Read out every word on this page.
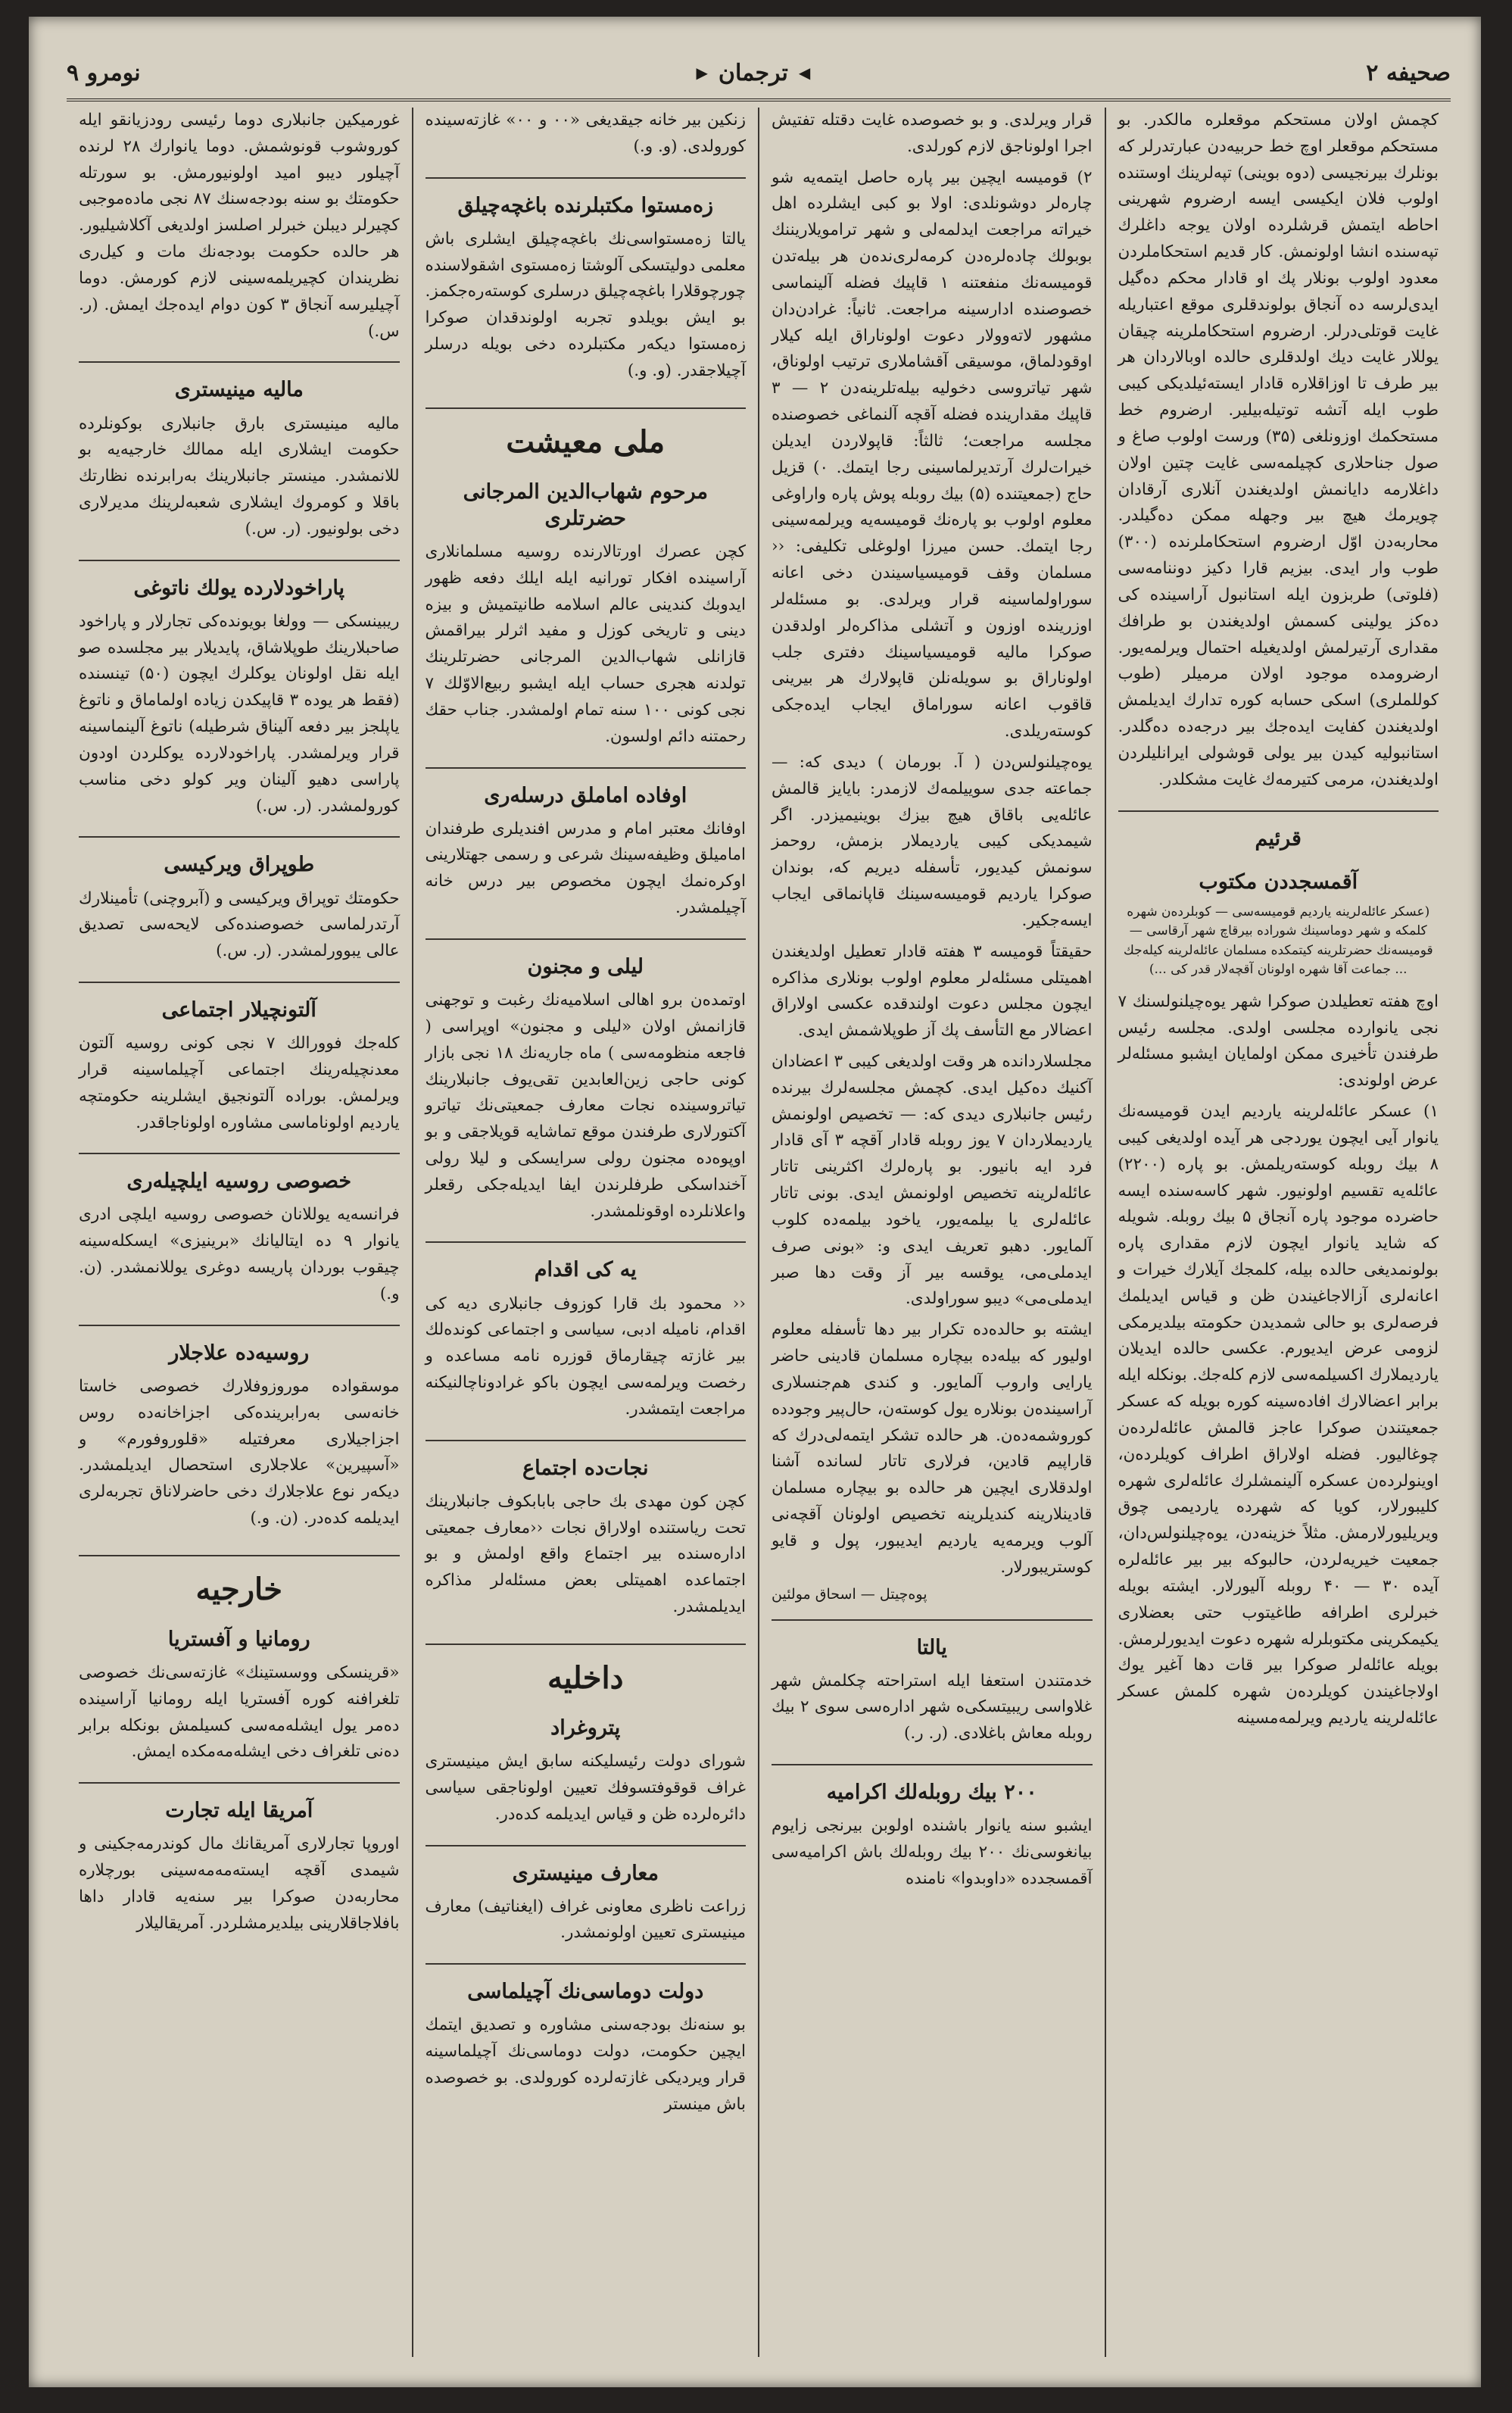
صحیفه ۲
◀
ترجمان
▶
نومرو ۹
كچمش اولان مستحكم موقعلره مالكدر. بو مستحكم موقعلر اوچ خط حربیه‌دن عبارتدرلر كه بونلرك بیرنجیسی (دوه بوینی) تپه‌لرینك اوستنده اولوب فلان ایكیسی ایسه ارضروم شهرینی احاطه ایتمش قرشلرده اولان یوجه داغلرك تپه‌سنده انشا اولونمش. كار قدیم استحكاملردن معدود اولوب بونلار پك او قادار محكم ده‌گیل ایدی‌لرسه ده آنجاق بولوندقلری موقع اعتباریله غایت قوتلی‌درلر. ارضروم استحكاملرینه چیقان یوللار غایت دیك اولدقلری حالده اوبالاردان هر بیر طرف تا اوزاقلاره قادار ایسته‌ئیلدیكی كیبی طوب ایله آتشه توتیله‌بیلیر. ارضروم خط مستحكمك اوزونلغی (۳۵) ورست اولوب صاغ و صول جناحلاری كچیلمه‌سی غایت چتین اولان داغلارمه دایانمش اولدیغندن آنلاری آرقادان چویرمك هیچ بیر وجهله ممكن ده‌گیلدر. محاربه‌دن اوّل ارضروم استحكاملرنده (۳۰۰) طوب وار ایدی. بیزیم قارا دكیز دوننامه‌سی (فلوتی) طربزون ایله استانبول آراسینده كی ده‌كز یولینی كسمش اولدیغندن بو طرافك مقداری آرتیرلمش اولدیغیله احتمال ویرلمه‌یور. ارضرومده موجود اولان مرمیلر (طوب كوللملری) اسكی حسابه كوره تدارك ایدیلمش اولدیغندن كفایت ایده‌جك بیر درجه‌ده ده‌گلدر. استانبولیه كیدن بیر یولی قوشولی ایرانلیلردن اولدیغندن، مرمی كتیرمه‌ك غایت مشكلدر.
قرئیم
آقمسجددن مكتوب
(عسكر عائله‌لرینه یاردیم قومیسه‌سی — كوبلرده‌ن شهره كلمكه و شهر دوماسینك شوراده بیرقاچ شهر آرقاسی — قومیسه‌نك حضرتلرینه كیتمكده مسلمان عائله‌لرینه كیله‌جك ... جماعت آقا شهره اولونان آقچه‌لار قدر كی ...)
اوچ هفته تعطیلدن صوكرا شهر یوه‌چیلنولسنك ۷ نجی یانوارده مجلسی اولدی. مجلسه رئیس طرفندن تأخیری ممكن اولمایان ایشبو مسئله‌لر عرض اولوندی:
۱) عسكر عائله‌لرینه یاردیم ایدن قومیسه‌نك یانوار آیی ایچون یوردجی هر آیده اولدیغی كیبی ۸ بیك روبله كوسته‌ریلمش. بو پاره (۲۲۰۰) عائله‌یه تقسیم اولونیور. شهر كاسه‌سنده ایسه حاضرده موجود پاره آنجاق ۵ بیك روبله. شویله كه شاید یانوار ایچون لازم مقداری پاره بولونمدیغی حالده بیله، كلمجك آیلارك خیرات و اعانه‌لری آزالاجاغیندن ظن و قیاس ایدیلمك فرصه‌لری بو حالی شمدیدن حكومته بیلدیرمكی لزومی عرض ایدیورم. عكسی حالده ایدیلان یاردیملارك اكسیلمه‌سی لازم كله‌جك. بونكله ایله برابر اعضالارك افاده‌سینه كوره بویله كه عسكر جمعیتندن صوكرا عاجز قالمش عائله‌لرده‌ن چوغالیور. فضله اولاراق اطراف كویلرده‌ن، اوینولرده‌ن عسكره آلینمشلرك عائله‌لری شهره كلیبورلار، كویا كه شهرده یاردیمی چوق ویریلیورلارمش. مثلاً خزینه‌دن، یوه‌چیلنولس‌دان، جمعیت خیریه‌لردن، حالبوكه بیر بیر عائله‌لره آیده ۳۰ — ۴۰ روبله آلیورلار. ایشته بویله خبرلری اطرافه طاغیتوب حتی بعضلاری یكیمكرینی مكتوبلرله شهره دعوت ایدیورلرمش. بویله عائله‌لر صوكرا بیر قات دها آغیر یوك اولاجاغیندن كویلرده‌ن شهره كلمش عسكر عائله‌لرینه یاردیم ویرلمه‌مسینه
قرار ویرلدی. و بو خصوصده غایت دقتله تفتیش اجرا اولوناجق لازم كورلدی.
۲) قومیسه ایچین بیر پاره حاصل ایتمه‌یه شو چاره‌لر دوشونلدی: اولا بو كبی ایشلرده اهل خیراته مراجعت ایدلمه‌لی و شهر ترامویلاریننك بوبولك چاده‌لره‌دن كرمه‌لری‌نده‌ن هر بیله‌تدن قومیسه‌نك منفعتنه ۱ قاپیك فضله آلینماسی خصوصنده ادارسینه مراجعت. ثانیاً: غرادن‌دان مشهور لاته‌وولار دعوت اولوناراق ایله كیلار اوقودلماق، موسیقی آقشاملاری ترتیب اولوناق، شهر تیاتروسی دخولیه بیله‌تلرینه‌دن ۲ — ۳ قاپیك مقدارینده فضله آقچه آلنماغی خصوصنده مجلسه مراجعت؛ ثالثاً: قاپولاردن ایدیلن خیرات‌لرك آرتدیرلماسینی رجا ایتمك. ۰) قزیل حاج (جمعیتنده (۵) بیك روبله پوش پاره واراوغی معلوم اولوب بو پاره‌نك قومیسه‌یه ویرلمه‌سینی رجا ایتمك. حسن میرزا اولوغلی تكلیفی: ‹‹ مسلمان وقف قومیسیاسیندن دخی اعانه سوراولماسینه قرار ویرلدی. بو مسئله‌لر اوزرینده اوزون و آتشلی مذاكره‌لر اولدقدن صوكرا ماليه قومیسیاسینك دفتری جلب اولوناراق بو سویله‌نلن قاپولارك هر بیرینی قاقوب اعانه سوراماق ایجاب ایده‌جكی كوسته‌ریلدی.
یوه‌چیلنولس‌دن ( آ. بو‌رمان ) دیدی كه: — جماعته جدی سوییلمه‌ك لازمدر: بایایز قالمش عائله‌یی باقاق هیچ بیزك بوینیمیزدر. اگر شیمدیكی كیبی یاردیملار بزمش، روحمز سونمش كیدیور، تأسفله دیریم كه، بوندان صوكرا یاردیم قومیسه‌سینك قاپانماقی ایجاب ایسه‌جكیر.
حقیقتاً قومیسه ۳ هفته قادار تعطیل اولدیغندن اهمیتلی مسئله‌لر معلوم اولوب بونلاری مذاكره ایچون مجلس دعوت اولندقده عكسی اولاراق اعضالار مع التأسف پك آز طوپلاشمش ایدی.
مجلسلاردانده هر وقت اولدیغی كیبی ۳ اعضادان آكنیك ده‌كیل ایدی. كچمش مجلسه‌لرك بیرنده رئیس جانبلاری دیدی كه: — تخصیص اولونمش یاردیملاردان ۷ یوز روبله قادار آقچه ۳ آی قادار فرد ایه بانیور. بو پاره‌لرك اكثرینی تاتار عائله‌لرینه تخصیص اولونمش ایدی. بونی تاتار عائله‌لری یا بیلمه‌یور، یاخود بیلمه‌ده كلوب آلمایور. دهبو تعریف ایدی و: «بونی صرف ایدملی‌می، یوقسه بیر آز وقت دها صبر ایدملی‌می» دیبو سوراولدی.
ایشته بو حالده‌ده تكرار بیر دها تأسفله معلوم اولیور كه بیله‌ده بیچاره مسلمان قادینی حاضر یارایی واروب آلمایور. و كندی هم‌جنسلاری آراسینده‌ن بونلاره یول كوسته‌ن، حال‌پیر وجودده كوروشمه‌ده‌ن. هر حالده تشكر ایتمه‌لی‌درك كه قاراپیم قادین، فرلاری تاتار لسانده آشنا اولدقلاری ایچین هر حالده بو بیچاره مسلمان قادینلارینه كندیلرینه تخصیص اولونان آقچه‌نی آلوب ویرمه‌یه یاردیم ایدیبور، پول و قایو كوستریبورلار.
پوه‌چیتل — اسحاق مولئین
یالتا
خدمتندن استعفا ایله استراحته چكلمش شهر غلاواسی ریبیتسكی‌ه شهر اداره‌سی سوی ۲ بیك روبله معاش باغلادی. (ر. ر.)
۲۰۰ بیك روبله‌لك اكرامیه
ایشبو سنه یانوار باشنده اولوبن بیرنجی زایوم بیانغوسی‌نك ۲۰۰ بیك روبله‌لك باش اكرامیه‌سی آقمسجدده «داوبدوا» نامنده
زنكین بیر خانه‌ جیقدیغی «۰۰ و ۰۰» غازته‌سینده كورولدی. (و. و.)
زه‌مستوا مكتبلرنده باغچه‌چیلق
یالتا زه‌مستواسی‌نك باغچه‌چیلق ایشلری باش معلمی دولیتسكی آلوشتا زه‌مستوی اشقولاسنده چورچوقلارا باغچه‌چیلق درسلری كوسته‌ره‌جكمز. بو ایش بویلدو تجربه اولوندقدان صوكرا زه‌مستوا دیكه‌ر مكتبلرده دخی بویله درسلر آچیلاجقدر. (و. و.)
ملی معیشت
مرحوم شهاب‌الدین المرجانی حضرتلری
كچن عصرك اورتالارنده روسیه مسلمانلاری آراسینده افكار تورانیه ایله ایلك دفعه ظهور ایدوبك كندینی عالم اسلامه طانیتمیش و بیزه دینی و تاریخی كوزل و مفید اثرلر بیراقمش قازانلی شهاب‌الدین المرجانی حضرتلرینك تولدنه هجری حساب ایله ایشبو ربیع‌الاوّلك ۷ نجی كونی ۱۰۰ سنه تمام اولمشدر. جناب حقك رحمتنه دائم اولسون.
اوفاده اماملق درسله‌ری
اوفانك معتبر امام و مدرس افندیلری طرفندان امامیلق وظیفه‌سینك شرعی و رسمی جهتلارینی اوكره‌نمك ایچون مخصوص بیر درس خانه آچیلمشدر.
لیلی و مجنون
اوتمده‌ن برو اهالی اسلامیه‌نك رغبت و توجهنی قازانمش اولان «لیلی و مجنون» اوپراسی ( فاجعه منظومه‌سی ) ماه جاریه‌نك ۱۸ نجی بازار كونی حاجی زین‌العابدین تقی‌یوف جانبلارینك تیاتروسینده نجات معارف جمعیتی‌نك تیاترو آكتورلاری طرفندن موقع تماشایه قویلاجقی و بو اوپوه‌ده مجنون رولی سرایسكی و لیلا رولی آخنداسكی طرفلرندن ایفا ایدیله‌جكی رقعلر واعلانلرده اوقونلمشدر.
یه كی اقدام
‹‹ محمود بك قارا كوزوف جانبلاری دیه كی اقدام، نامیله ادبی، سیاسی و اجتماعی كونده‌لك بیر غازته چیقارماق قوزره نامه مساعده و رخصت ویرلمه‌سی ایچون باكو غرادونا‌چالنیكنه مراجعت ایتمشدر.
نجات‌ده اجتماع
كچن كون مهدی بك حاجی بابابكوف جانبلارینك تحت ریاستنده اولاراق نجات ‹‹معارف جمعیتی اداره‌سنده بیر اجتماع واقع اولمش و بو اجتماعده اهمیتلی بعض مسئله‌لر مذاكره ایدیلمشدر.
داخلیه
پتروغراد
شورای دولت رئیسلیكنه سابق ایش مینیستری غراف قوقوفتسوفك تعیین اولوناجقی سیاسی دائره‌لرده ظن و قیاس ایدیلمه كده‌در.
معارف مینیستری
زراعت ناظری معاونی غراف (ایغناتیف) معارف مینیستری تعیین اولونمشدر.
دولت دوماسی‌نك آچیلماسی
بو سنه‌نك بودجه‌سنی مشاوره و تصدیق ایتمك ایچین حكومت، دولت دوماسی‌نك آچیلماسینه قرار ویردیكی غازته‌لرده كورولدی. بو خصوصده باش مینستر
غورمیكین جانبلاری دوما رئیسی رودزیانقو ایله كوروشوب قونوشمش. دوما یانوارك ۲۸ لرنده آچیلور دیبو امید اولونیورمش. بو سورتله حكومتك بو سنه بودجه‌سنك ۸۷ نجی ماده‌موجبی كچیرلر دیبلن خبرلر اصلسز اولدیغی آكلاشیلیور. هر حالده حكومت بودجه‌نك مات و كیل‌ری نظریندان كچیریلمه‌سینی لازم كورمش. دوما آچیلیرسه آنجاق ۳ كون دوام ایده‌جك ایمش. (ر. س.)
مالیه مینیستری
مالیه مینیستری بارق جانبلاری بوكونلرده حكومت ایشلاری ایله ممالك خارجیه‌یه بو للانمشدر. مینستر جانبلارینك به‌رابرنده نظارتك باقلا و كومروك ایشلاری شعبه‌لرینك مدیرلاری دخی بولونیور. (ر. س.)
پاراخودلارده یولك ناتوغی
ریبینسكی — وولغا بویونده‌كی تجارلار و پاراخود صاحبلارینك طوپلاشاق، پایدیلار بیر مجلسده صو ایله نقل اولونان یوكلرك ایچون (۵۰) تینسنده (فقط هر یوده ۳ قاپیكدن زیاده اولماماق و ناتوغ یاپلجز بیر دفعه آلیناق شرطیله) ناتوغ آلینماسینه قرار ویرلمشدر. پاراخودلارده یوكلردن اودون پاراسی دهیو آلینان ویر كولو دخی مناسب كورولمشدر. (ر. س.)
طوپراق ویركیسی
حكومتك توپراق ویركیسی و (آبروچنی) تأمینلارك آرتدرلماسی خصوصنده‌كی لایحه‌سی تصدیق عالی یبوورلمشدر. (ر. س.)
آلتونچیلار اجتماعی
كله‌جك فوورالك ۷ نجی كونی روسیه آلتون معدنچیله‌رینك اجتماعی آچیلماسینه قرار ویرلمش. بوراده آلتونجیق ایشلرینه حكومتچه یاردیم اولوناماسی مشاوره اولوناجاقدر.
خصوصی روسیه ایلچیله‌ری
فرانسه‌یه یوللانان خصوصی روسیه ایلچی ادری یانوار ۹ ده ایتالیانك «برینیزی» ایسكله‌سینه چیقوب بوردان پاریسه دوغری یوللانمشدر. (ن. و.)
روسیه‌ده علاجلار
موسقواده موروزوفلارك خصوصی خاستا خانه‌سی به‌رابرینده‌كی اجزاخانه‌ده روس اجزاجیلاری معرفتیله «قلوروفورم» و «آسپیرین» علاجلاری استحصال ایدیلمشدر. دیكه‌ر نوع علاجلارك دخی حاضرلاناق تجربه‌لری ایدیلمه كده‌در. (ن. و.)
خارجیه
رومانیا و آفستریا
«قرینسكی ووسستینك» غازته‌سی‌نك خصوصی تلغرافنه كوره آفستریا ایله رومانیا آراسینده ده‌مر یول ایشله‌مه‌سی كسیلمش بونكله برابر ده‌نی تلغراف دخی ایشله‌مه‌مكده ایمش.
آمریقا ایله تجارت
اوروپا تجارلاری آمریقانك مال كوندرمه‌جكینی و شیمدی آقچه ایسته‌مه‌مه‌سینی بورچلاره محاربه‌دن صوكرا بیر سنه‌یه قادار داها بافلاجاقلارینی بیلدیرمشلردر. آمریقالیلار
